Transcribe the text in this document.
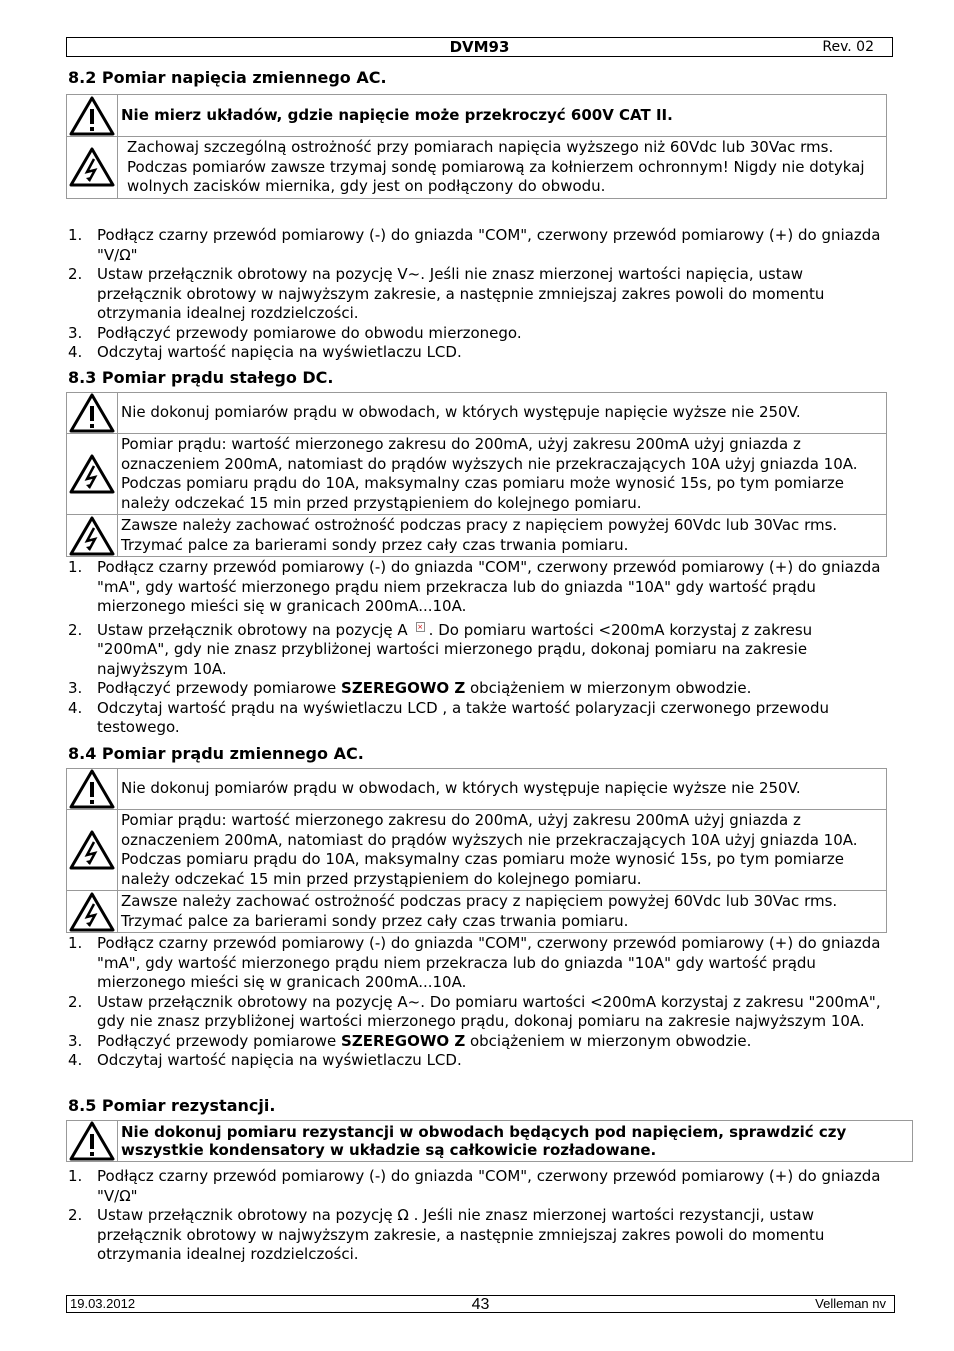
DVM93	Rev. 02
8.2 Pomiar napięcia zmiennego AC.
	Nie mierz układów, gdzie napięcie może przekroczyć 600V CAT II.

	Zachowaj szczególną ostrożność przy pomiarach napięcia wyższego niż 60Vdc lub 30Vac rms. Podczas pomiarów zawsze trzymaj sondę pomiarową za kołnierzem ochronnym! Nigdy nie dotykaj wolnych zacisków miernika, gdy jest on podłączony do obwodu.
1. Podłącz czarny przewód pomiarowy (-) do gniazda "COM", czerwony przewód pomiarowy (+) do gniazda "V/Ω"
2. Ustaw przełącznik obrotowy na pozycję V~. Jeśli nie znasz mierzonej wartości napięcia, ustaw przełącznik obrotowy w najwyższym zakresie, a następnie zmniejszaj zakres powoli do momentu otrzymania idealnej rozdzielczości.
3. Podłączyć przewody pomiarowe do obwodu mierzonego.
4. Odczytaj wartość napięcia na wyświetlaczu LCD.
8.3 Pomiar prądu stałego DC.
	Nie dokonuj pomiarów prądu w obwodach, w których występuje napięcie wyższe nie 250V.

	Pomiar prądu: wartość mierzonego zakresu do 200mA, użyj zakresu 200mA użyj gniazda z oznaczeniem 200mA, natomiast do prądów wyższych nie przekraczających 10A użyj gniazda 10A. Podczas pomiaru prądu do 10A, maksymalny czas pomiaru może wynosić 15s, po tym pomiarze należy odczekać 15 min przed przystąpieniem do kolejnego pomiaru.

	Zawsze należy zachować ostrożność podczas pracy z napięciem powyżej 60Vdc lub 30Vac rms. Trzymać palce za barierami sondy przez cały czas trwania pomiaru.
1. Podłącz czarny przewód pomiarowy (-) do gniazda "COM", czerwony przewód pomiarowy (+) do gniazda "mA", gdy wartość mierzonego prądu niem przekracza lub do gniazda "10A" gdy wartość prądu mierzonego mieści się w granicach 200mA...10A.
2. Ustaw przełącznik obrotowy na pozycję A × . Do pomiaru wartości <200mA korzystaj z zakresu "200mA", gdy nie znasz przybliżonej wartości mierzonego prądu, dokonaj pomiaru na zakresie najwyższym 10A.
3. Podłączyć przewody pomiarowe SZEREGOWO Z obciążeniem w mierzonym obwodzie.
4. Odczytaj wartość prądu na wyświetlaczu LCD , a także wartość polaryzacji czerwonego przewodu testowego.
8.4 Pomiar prądu zmiennego AC.
	Nie dokonuj pomiarów prądu w obwodach, w których występuje napięcie wyższe nie 250V.

	Pomiar prądu: wartość mierzonego zakresu do 200mA, użyj zakresu 200mA użyj gniazda z oznaczeniem 200mA, natomiast do prądów wyższych nie przekraczających 10A użyj gniazda 10A. Podczas pomiaru prądu do 10A, maksymalny czas pomiaru może wynosić 15s, po tym pomiarze należy odczekać 15 min przed przystąpieniem do kolejnego pomiaru.

	Zawsze należy zachować ostrożność podczas pracy z napięciem powyżej 60Vdc lub 30Vac rms. Trzymać palce za barierami sondy przez cały czas trwania pomiaru.
1. Podłącz czarny przewód pomiarowy (-) do gniazda "COM", czerwony przewód pomiarowy (+) do gniazda "mA", gdy wartość mierzonego prądu niem przekracza lub do gniazda "10A" gdy wartość prądu mierzonego mieści się w granicach 200mA...10A.
2. Ustaw przełącznik obrotowy na pozycję A~. Do pomiaru wartości <200mA korzystaj z zakresu "200mA", gdy nie znasz przybliżonej wartości mierzonego prądu, dokonaj pomiaru na zakresie najwyższym 10A.
3. Podłączyć przewody pomiarowe SZEREGOWO Z obciążeniem w mierzonym obwodzie.
4. Odczytaj wartość napięcia na wyświetlaczu LCD.
8.5 Pomiar rezystancji.
	Nie dokonuj pomiaru rezystancji w obwodach będących pod napięciem, sprawdzić czy wszystkie kondensatory w układzie są całkowicie rozładowane.
1. Podłącz czarny przewód pomiarowy (-) do gniazda "COM", czerwony przewód pomiarowy (+) do gniazda "V/Ω"
2. Ustaw przełącznik obrotowy na pozycję Ω . Jeśli nie znasz mierzonej wartości rezystancji, ustaw przełącznik obrotowy w najwyższym zakresie, a następnie zmniejszaj zakres powoli do momentu otrzymania idealnej rozdzielczości.
19.03.2012	43	Velleman nv
